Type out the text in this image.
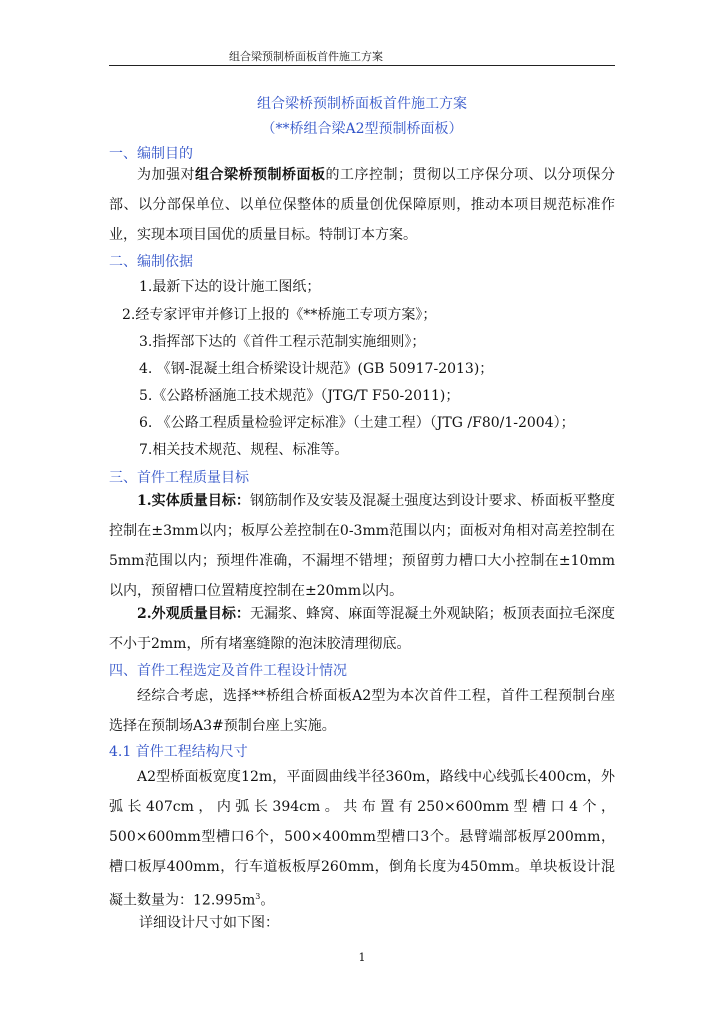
组合梁预制桥面板首件施工方案
组合梁桥预制桥面板首件施工方案
（**桥组合梁A2型预制桥面板）
一、编制目的
为加强对组合梁桥预制桥面板的工序控制；贯彻以工序保分项、以分项保分部、以分部保单位、以单位保整体的质量创优保障原则，推动本项目规范标准作业，实现本项目国优的质量目标。特制订本方案。
二、编制依据
1.最新下达的设计施工图纸；
2.经专家评审并修订上报的《**桥施工专项方案》；
3.指挥部下达的《首件工程示范制实施细则》；
4. 《钢-混凝土组合桥梁设计规范》(GB 50917-2013)；
5.《公路桥涵施工技术规范》（JTG/T F50-2011)；
6. 《公路工程质量检验评定标准》（土建工程）（JTG /F80/1-2004）；
7.相关技术规范、规程、标准等。
三、首件工程质量目标
1.实体质量目标：钢筋制作及安装及混凝土强度达到设计要求、桥面板平整度控制在±3mm以内；板厚公差控制在0-3mm范围以内；面板对角相对高差控制在5mm范围以内；预埋件准确，不漏埋不错埋；预留剪力槽口大小控制在±10mm以内，预留槽口位置精度控制在±20mm以内。
2.外观质量目标：无漏浆、蜂窝、麻面等混凝土外观缺陷；板顶表面拉毛深度不小于2mm，所有堵塞缝隙的泡沫胶清理彻底。
四、首件工程选定及首件工程设计情况
经综合考虑，选择**桥组合桥面板A2型为本次首件工程，首件工程预制台座选择在预制场A3#预制台座上实施。
4.1 首件工程结构尺寸
A2型桥面板宽度12m，平面圆曲线半径360m，路线中心线弧长400cm，外弧长407cm，内弧长394cm。共布置有250×600mm型槽口4个，500×600mm型槽口6个，500×400mm型槽口3个。悬臂端部板厚200mm，槽口板厚400mm，行车道板板厚260mm，倒角长度为450mm。单块板设计混凝土数量为：$12.995m^3$。
详细设计尺寸如下图：
1
